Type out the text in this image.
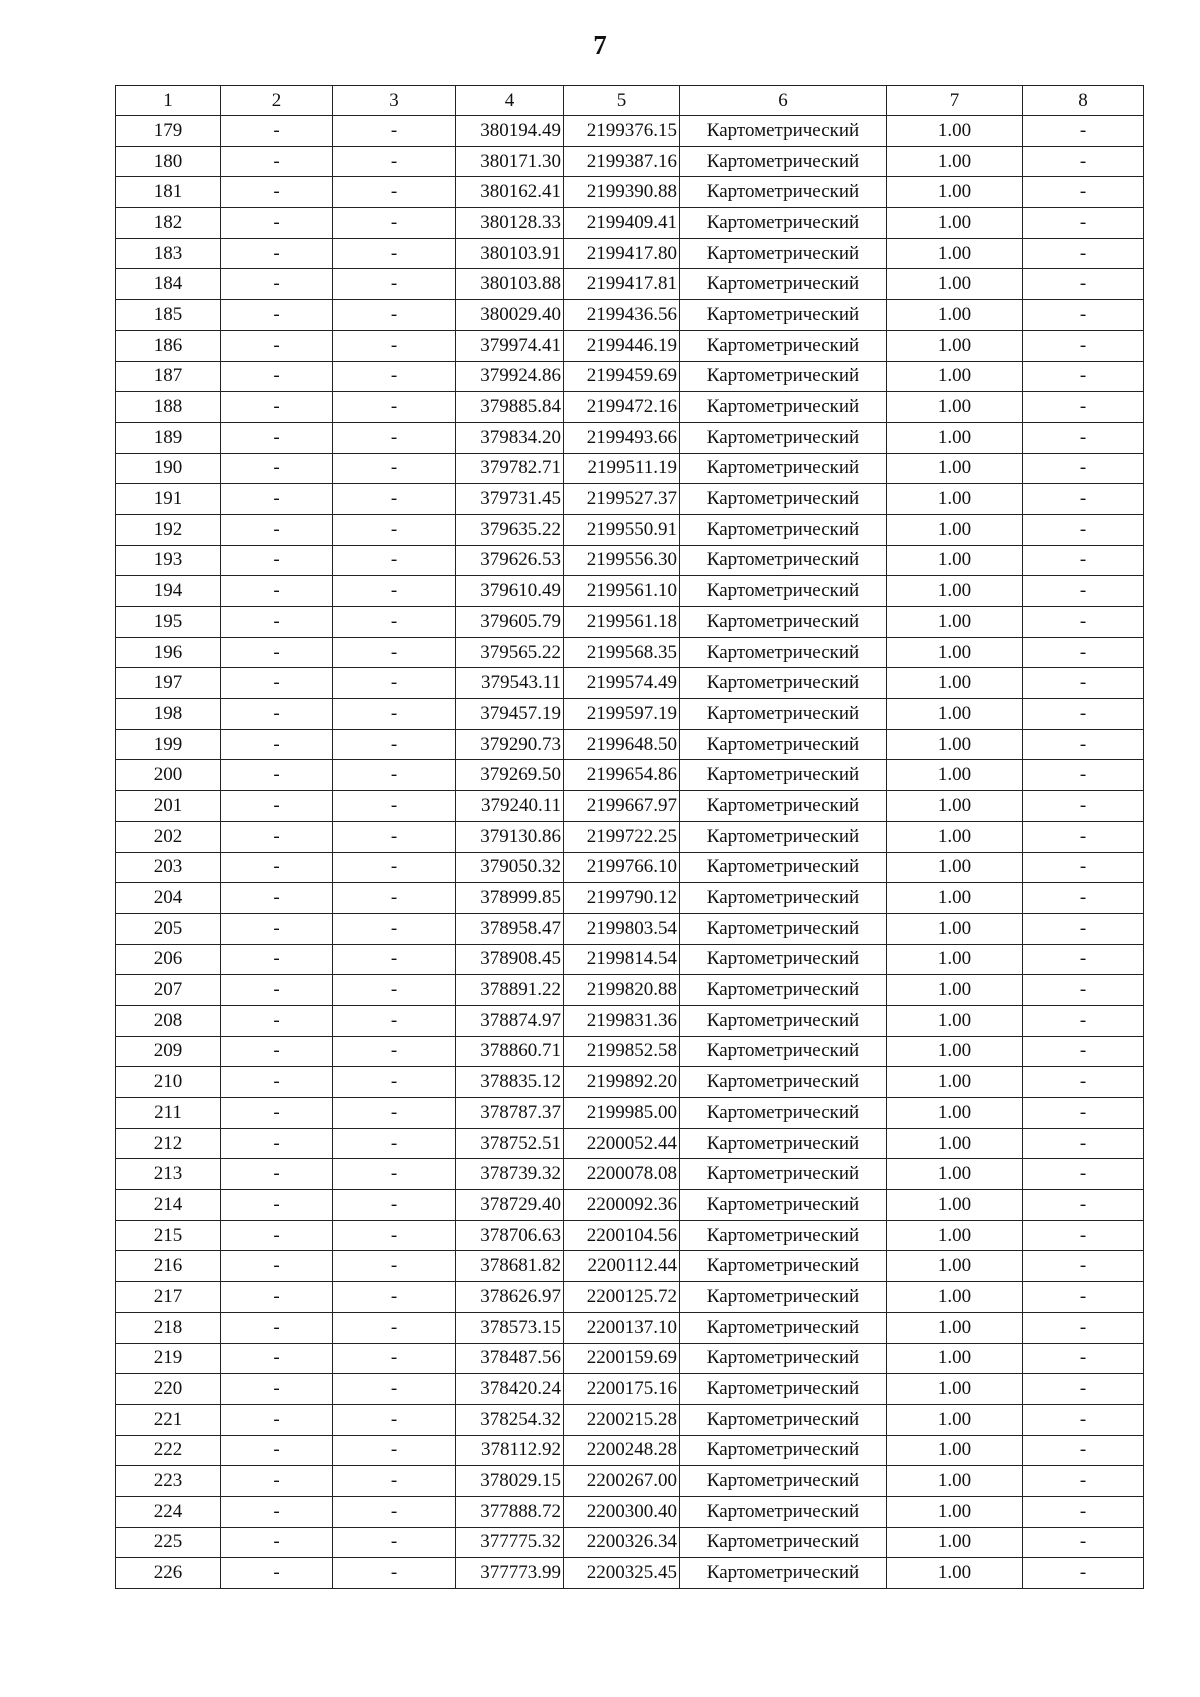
7
1	2	3	4	5	6	7	8
179	-	-	380194.49	2199376.15	Картометрический	1.00	-
180	-	-	380171.30	2199387.16	Картометрический	1.00	-
181	-	-	380162.41	2199390.88	Картометрический	1.00	-
182	-	-	380128.33	2199409.41	Картометрический	1.00	-
183	-	-	380103.91	2199417.80	Картометрический	1.00	-
184	-	-	380103.88	2199417.81	Картометрический	1.00	-
185	-	-	380029.40	2199436.56	Картометрический	1.00	-
186	-	-	379974.41	2199446.19	Картометрический	1.00	-
187	-	-	379924.86	2199459.69	Картометрический	1.00	-
188	-	-	379885.84	2199472.16	Картометрический	1.00	-
189	-	-	379834.20	2199493.66	Картометрический	1.00	-
190	-	-	379782.71	2199511.19	Картометрический	1.00	-
191	-	-	379731.45	2199527.37	Картометрический	1.00	-
192	-	-	379635.22	2199550.91	Картометрический	1.00	-
193	-	-	379626.53	2199556.30	Картометрический	1.00	-
194	-	-	379610.49	2199561.10	Картометрический	1.00	-
195	-	-	379605.79	2199561.18	Картометрический	1.00	-
196	-	-	379565.22	2199568.35	Картометрический	1.00	-
197	-	-	379543.11	2199574.49	Картометрический	1.00	-
198	-	-	379457.19	2199597.19	Картометрический	1.00	-
199	-	-	379290.73	2199648.50	Картометрический	1.00	-
200	-	-	379269.50	2199654.86	Картометрический	1.00	-
201	-	-	379240.11	2199667.97	Картометрический	1.00	-
202	-	-	379130.86	2199722.25	Картометрический	1.00	-
203	-	-	379050.32	2199766.10	Картометрический	1.00	-
204	-	-	378999.85	2199790.12	Картометрический	1.00	-
205	-	-	378958.47	2199803.54	Картометрический	1.00	-
206	-	-	378908.45	2199814.54	Картометрический	1.00	-
207	-	-	378891.22	2199820.88	Картометрический	1.00	-
208	-	-	378874.97	2199831.36	Картометрический	1.00	-
209	-	-	378860.71	2199852.58	Картометрический	1.00	-
210	-	-	378835.12	2199892.20	Картометрический	1.00	-
211	-	-	378787.37	2199985.00	Картометрический	1.00	-
212	-	-	378752.51	2200052.44	Картометрический	1.00	-
213	-	-	378739.32	2200078.08	Картометрический	1.00	-
214	-	-	378729.40	2200092.36	Картометрический	1.00	-
215	-	-	378706.63	2200104.56	Картометрический	1.00	-
216	-	-	378681.82	2200112.44	Картометрический	1.00	-
217	-	-	378626.97	2200125.72	Картометрический	1.00	-
218	-	-	378573.15	2200137.10	Картометрический	1.00	-
219	-	-	378487.56	2200159.69	Картометрический	1.00	-
220	-	-	378420.24	2200175.16	Картометрический	1.00	-
221	-	-	378254.32	2200215.28	Картометрический	1.00	-
222	-	-	378112.92	2200248.28	Картометрический	1.00	-
223	-	-	378029.15	2200267.00	Картометрический	1.00	-
224	-	-	377888.72	2200300.40	Картометрический	1.00	-
225	-	-	377775.32	2200326.34	Картометрический	1.00	-
226	-	-	377773.99	2200325.45	Картометрический	1.00	-
